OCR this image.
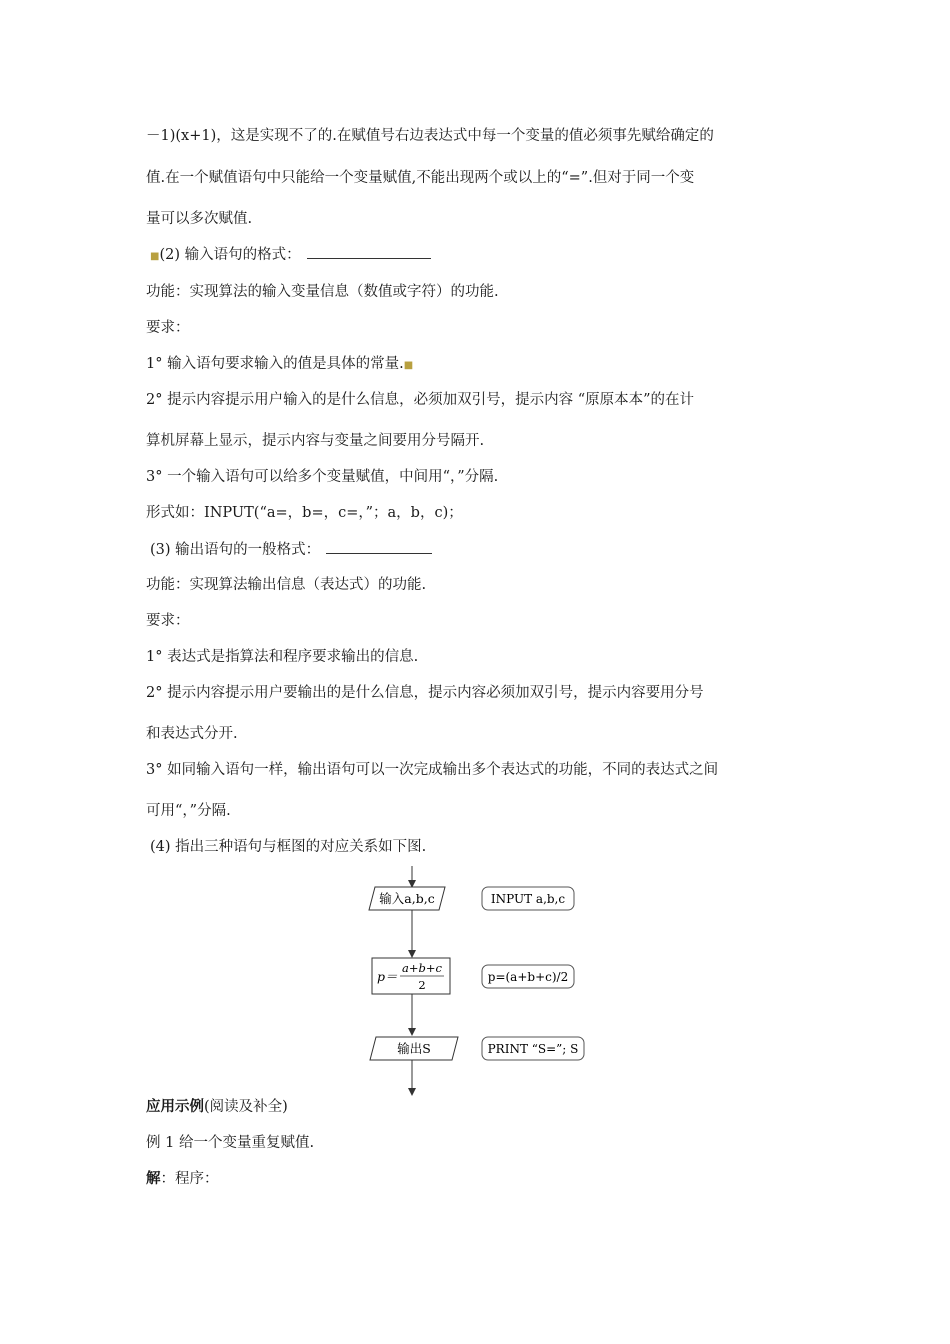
－1)(x+1)，这是实现不了的.在赋值号右边表达式中每一个变量的值必须事先赋给确定的
值.在一个赋值语句中只能给一个变量赋值,不能出现两个或以上的“=”.但对于同一个变
量可以多次赋值.
■(2) 输入语句的格式：
功能：实现算法的输入变量信息（数值或字符）的功能.
要求：
1° 输入语句要求输入的值是具体的常量.■
2° 提示内容提示用户输入的是什么信息，必须加双引号，提示内容 “原原本本”的在计
算机屏幕上显示，提示内容与变量之间要用分号隔开.
3° 一个输入语句可以给多个变量赋值，中间用“，”分隔.
形式如：INPUT(“a=，b=，c=，”；a，b，c)；
(3) 输出语句的一般格式：
功能：实现算法输出信息（表达式）的功能.
要求：
1° 表达式是指算法和程序要求输出的信息.
2° 提示内容提示用户要输出的是什么信息，提示内容必须加双引号，提示内容要用分号
和表达式分开.
3° 如同输入语句一样，输出语句可以一次完成输出多个表达式的功能，不同的表达式之间
可用“，”分隔.
(4) 指出三种语句与框图的对应关系如下图.
输入a,b,c	INPUT a,b,c
p＝
a+b+c
2
p=(a+b+c)/2
输出S	PRINT “S=”; S
应用示例(阅读及补全)
例 1 给一个变量重复赋值.
解：程序：
